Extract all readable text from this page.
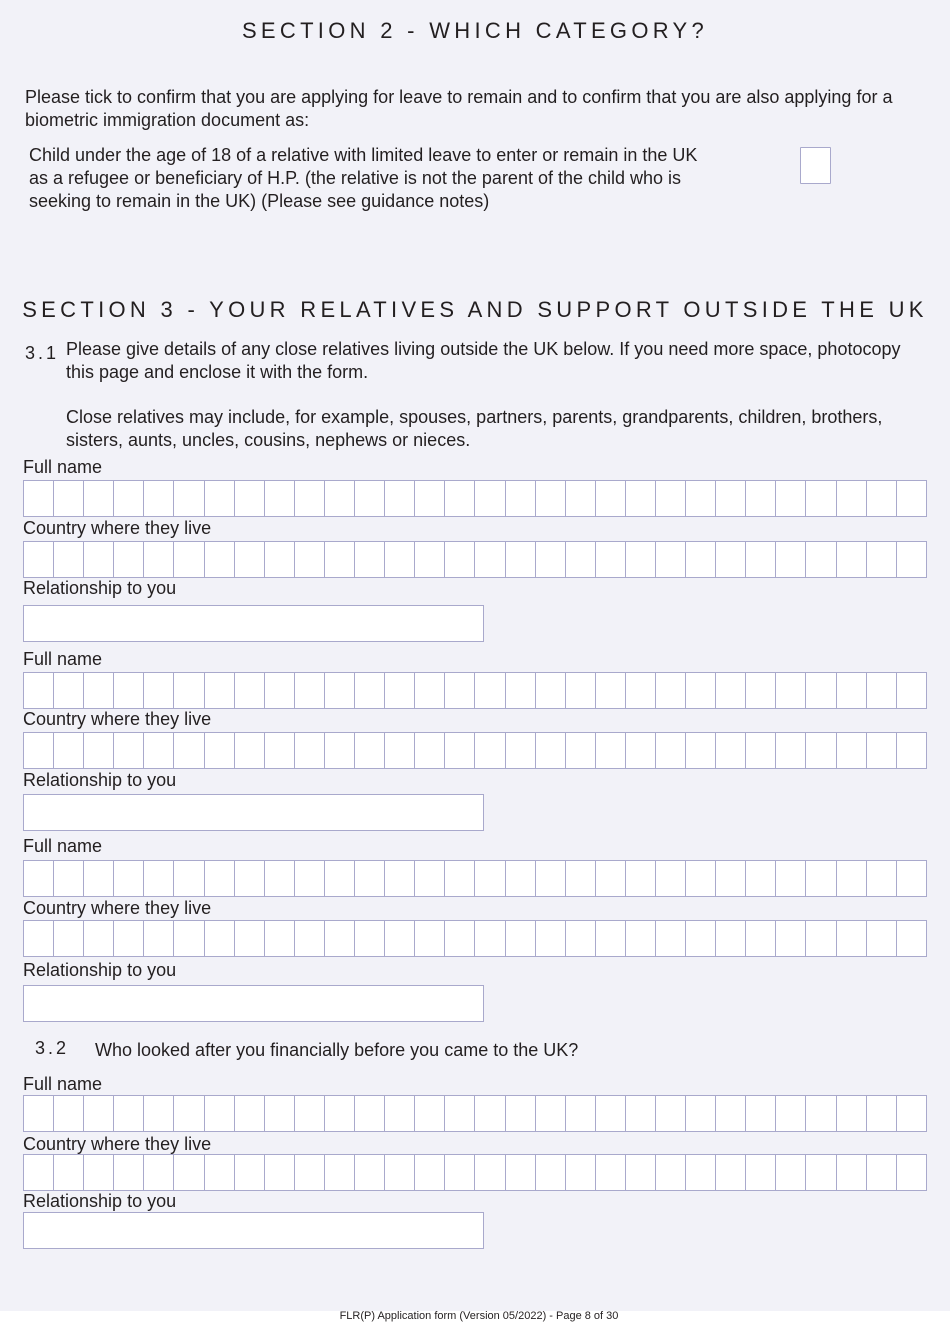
SECTION 2 - WHICH CATEGORY?

Please tick to confirm that you are applying for leave to remain and to confirm that you are also applying for a biometric immigration document as:

Child under the age of 18 of a relative with limited leave to enter or remain in the UK as a refugee or beneficiary of H.P. (the relative is not the parent of the child who is seeking to remain in the UK) (Please see guidance notes)

SECTION 3 - YOUR RELATIVES AND SUPPORT OUTSIDE THE UK
3.1 Please give details of any close relatives living outside the UK below. If you need more space, photocopy this page and enclose it with the form.

Close relatives may include, for example, spouses, partners, parents, grandparents, children, brothers, sisters, aunts, uncles, cousins, nephews or nieces.

Full name
Country where they live
Relationship to you
Full name
Country where they live
Relationship to you
Full name
Country where they live
Relationship to you
3.2 Who looked after you financially before you came to the UK?

Full name
Country where they live
Relationship to you
FLR(P) Application form (Version 05/2022) - Page 8 of 30
